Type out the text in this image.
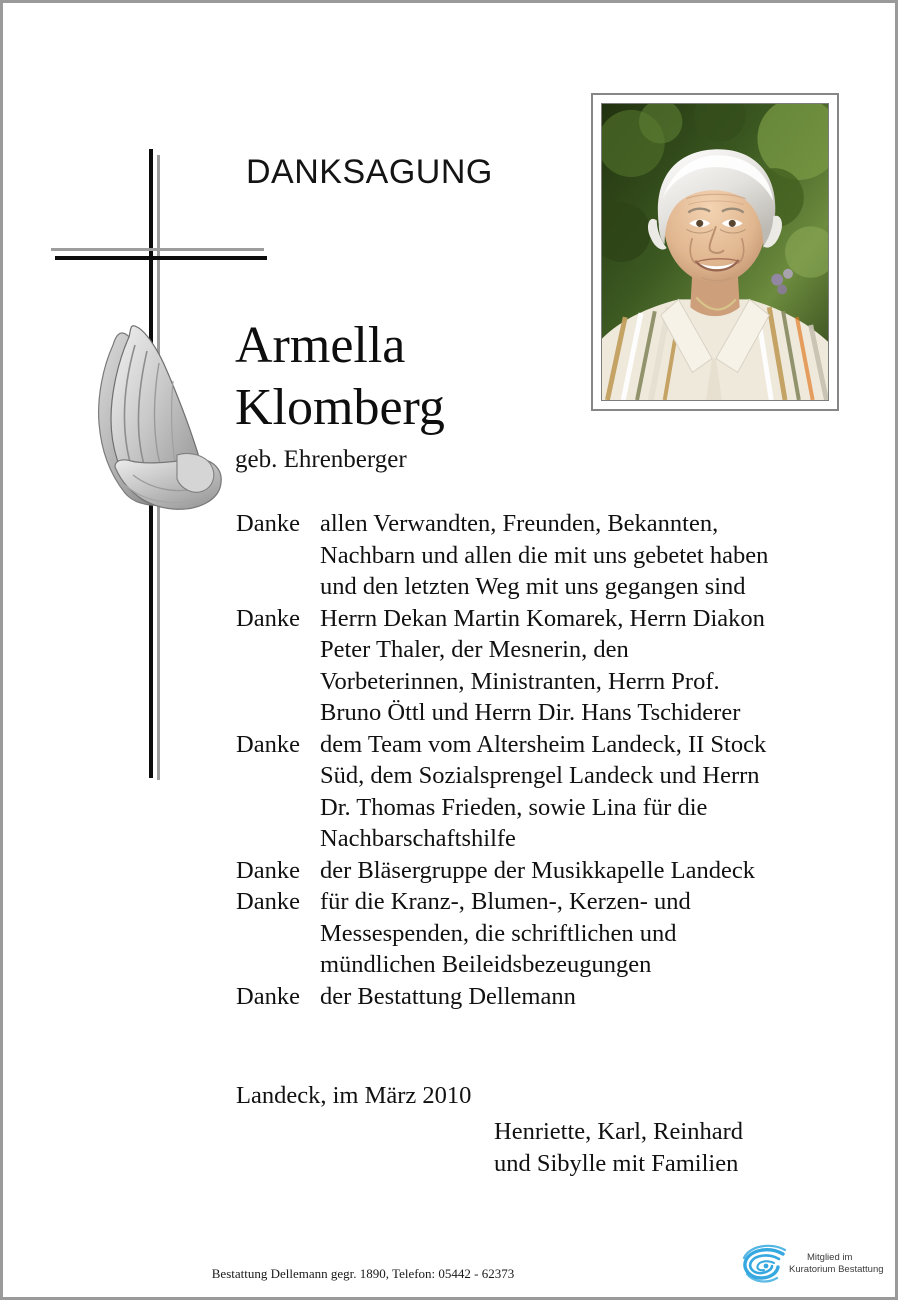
DANKSAGUNG
Armella
Klomberg
geb. Ehrenberger
Danke allen Verwandten, Freunden, Bekannten,
Nachbarn und allen die mit uns gebetet haben
und den letzten Weg mit uns gegangen sind
Danke Herrn Dekan Martin Komarek, Herrn Diakon
Peter Thaler, der Mesnerin, den
Vorbeterinnen, Ministranten, Herrn Prof.
Bruno Öttl und Herrn Dir. Hans Tschiderer
Danke dem Team vom Altersheim Landeck, II Stock
Süd, dem Sozialsprengel Landeck und Herrn
Dr. Thomas Frieden, sowie Lina für die
Nachbarschaftshilfe
Danke der Bläsergruppe der Musikkapelle Landeck
Danke für die Kranz-, Blumen-, Kerzen- und
Messespenden, die schriftlichen und
mündlichen Beileidsbezeugungen
Danke der Bestattung Dellemann
Landeck, im März 2010
Henriette, Karl, Reinhard
und Sibylle mit Familien
Bestattung Dellemann gegr. 1890, Telefon: 05442 - 62373
Mitglied im
Kuratorium Bestattung
